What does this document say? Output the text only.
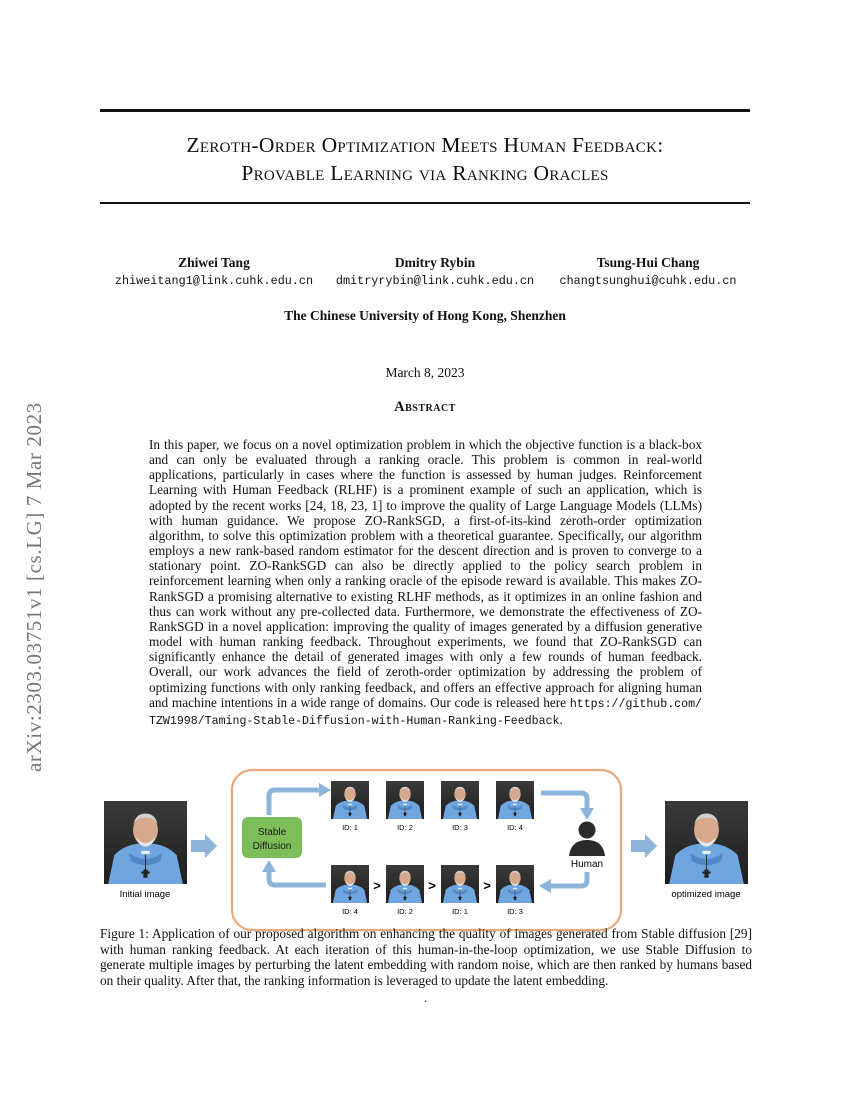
Zeroth-Order Optimization Meets Human Feedback:
Provable Learning via Ranking Oracles
Zhiwei Tang
zhiweitang1@link.cuhk.edu.cn
Dmitry Rybin
dmitryrybin@link.cuhk.edu.cn
Tsung-Hui Chang
changtsunghui@cuhk.edu.cn
The Chinese University of Hong Kong, Shenzhen
March 8, 2023
Abstract
In this paper, we focus on a novel optimization problem in which the objective function is a black-box and can only be evaluated through a ranking oracle. This problem is common in real-world applications, particularly in cases where the function is assessed by human judges. Reinforcement Learning with Human Feedback (RLHF) is a prominent example of such an application, which is adopted by the recent works [24, 18, 23, 1] to improve the quality of Large Language Models (LLMs) with human guidance. We propose ZO-RankSGD, a first-of-its-kind zeroth-order optimization algorithm, to solve this optimization problem with a theoretical guarantee. Specifically, our algorithm employs a new rank-based random estimator for the descent direction and is proven to converge to a stationary point. ZO-RankSGD can also be directly applied to the policy search problem in reinforcement learning when only a ranking oracle of the episode reward is available. This makes ZO-RankSGD a promising alternative to existing RLHF methods, as it optimizes in an online fashion and thus can work without any pre-collected data. Furthermore, we demonstrate the effectiveness of ZO-RankSGD in a novel application: improving the quality of images generated by a diffusion generative model with human ranking feedback. Throughout experiments, we found that ZO-RankSGD can significantly enhance the detail of generated images with only a few rounds of human feedback. Overall, our work advances the field of zeroth-order optimization by addressing the problem of optimizing functions with only ranking feedback, and offers an effective approach for aligning human and machine intentions in a wide range of domains. Our code is released here https://github.com/TZW1998/Taming-Stable-Diffusion-with-Human-Ranking-Feedback.
arXiv:2303.03751v1 [cs.LG] 7 Mar 2023
Initial image
Stable
Diffusion
ID: 1	ID: 2	ID: 3	ID: 4
Human
>	>	>
ID: 4	ID: 2	ID: 1	ID: 3
optimized image
Figure 1: Application of our proposed algorithm on enhancing the quality of images generated from Stable diffusion [29] with human ranking feedback. At each iteration of this human-in-the-loop optimization, we use Stable Diffusion to generate multiple images by perturbing the latent embedding with random noise, which are then ranked by humans based on their quality. After that, the ranking information is leveraged to update the latent embedding.
.
